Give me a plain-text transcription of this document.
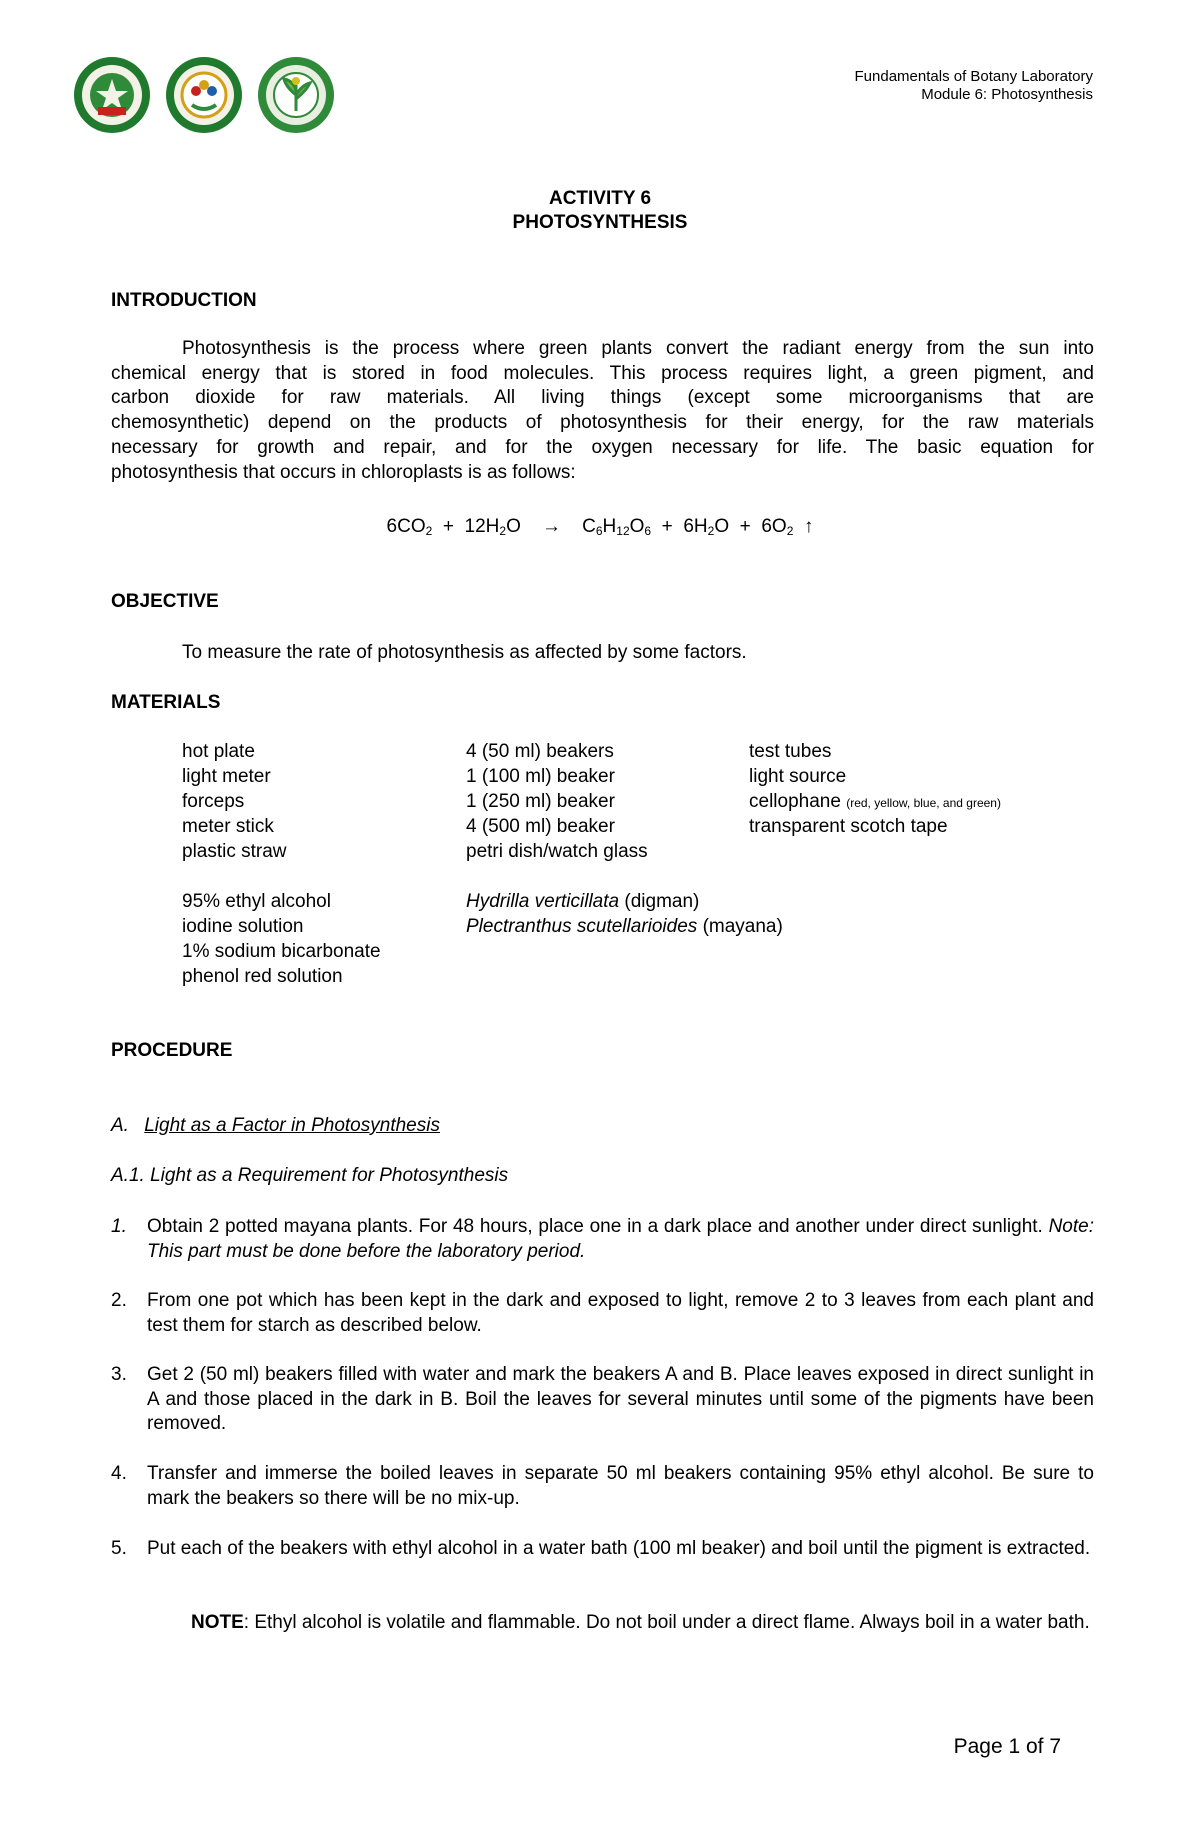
Fundamentals of Botany Laboratory
Module 6: Photosynthesis
ACTIVITY 6
PHOTOSYNTHESIS
INTRODUCTION
Photosynthesis is the process where green plants convert the radiant energy from the sun into
chemical energy that is stored in food molecules. This process requires light, a green pigment, and
carbon dioxide for raw materials. All living things (except some microorganisms that are
chemosynthetic) depend on the products of photosynthesis for their energy, for the raw materials
necessary for growth and repair, and for the oxygen necessary for life. The basic equation for
photosynthesis that occurs in chloroplasts is as follows:
$6CO_2 + 12H_2O \to C_6H_{12}O_6 + 6H_2O + 6O_2$ ↑
OBJECTIVE
To measure the rate of photosynthesis as affected by some factors.
MATERIALS
hot plate
light meter
forceps
meter stick
plastic straw
4 (50 ml) beakers
1 (100 ml) beaker
1 (250 ml) beaker
4 (500 ml) beaker
petri dish/watch glass
test tubes
light source
cellophane (red, yellow, blue, and green)
transparent scotch tape
95% ethyl alcohol
iodine solution
1% sodium bicarbonate
phenol red solution
Hydrilla verticillata (digman)
Plectranthus scutellarioides (mayana)
PROCEDURE
A. Light as a Factor in Photosynthesis
A.1. Light as a Requirement for Photosynthesis
1. Obtain 2 potted mayana plants. For 48 hours, place one in a dark place and another under direct sunlight. Note: This part must be done before the laboratory period.
2. From one pot which has been kept in the dark and exposed to light, remove 2 to 3 leaves from each plant and test them for starch as described below.
3. Get 2 (50 ml) beakers filled with water and mark the beakers A and B. Place leaves exposed in direct sunlight in A and those placed in the dark in B. Boil the leaves for several minutes until some of the pigments have been removed.
4. Transfer and immerse the boiled leaves in separate 50 ml beakers containing 95% ethyl alcohol. Be sure to mark the beakers so there will be no mix-up.
5. Put each of the beakers with ethyl alcohol in a water bath (100 ml beaker) and boil until the pigment is extracted.
NOTE: Ethyl alcohol is volatile and flammable. Do not boil under a direct flame. Always boil in a water bath.
Page 1 of 7
